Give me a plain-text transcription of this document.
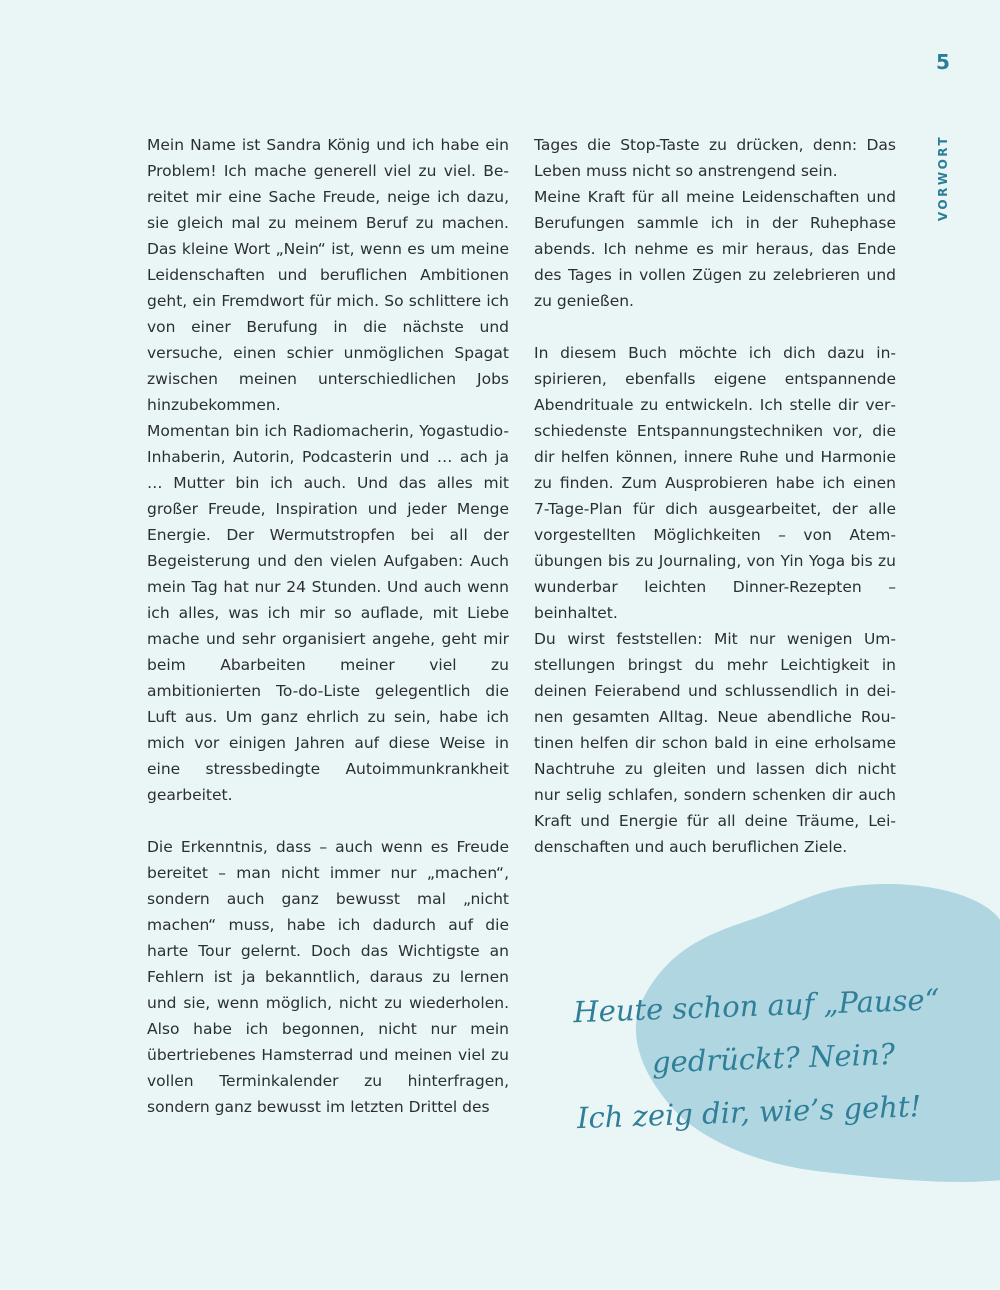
5
VORWORT

Mein Name ist Sandra König und ich habe ein Problem! Ich mache generell viel zu viel. Bereitet mir eine Sache Freude, neige ich dazu, sie gleich mal zu meinem Beruf zu machen. Das kleine Wort „Nein“ ist, wenn es um meine Leidenschaften und beruflichen Ambitionen geht, ein Fremdwort für mich. So schlittere ich von einer Berufung in die nächste und versuche, einen schier unmöglichen Spagat zwischen meinen unterschiedlichen Jobs hinzubekommen.

Momentan bin ich Radiomacherin, Yogastudio-Inhaberin, Autorin, Podcasterin und … ach ja … Mutter bin ich auch. Und das alles mit großer Freude, Inspiration und jeder Menge Energie. Der Wermutstropfen bei all der Begeisterung und den vielen Aufgaben: Auch mein Tag hat nur 24 Stunden. Und auch wenn ich alles, was ich mir so auflade, mit Liebe mache und sehr organisiert angehe, geht mir beim Abarbeiten meiner viel zu ambitionierten To-do-Liste gelegentlich die Luft aus. Um ganz ehrlich zu sein, habe ich mich vor einigen Jahren auf diese Weise in eine stressbedingte Autoimmunkrankheit gearbeitet.

Die Erkenntnis, dass – auch wenn es Freude bereitet – man nicht immer nur „machen“, sondern auch ganz bewusst mal „nicht machen“ muss, habe ich dadurch auf die harte Tour gelernt. Doch das Wichtigste an Fehlern ist ja bekanntlich, daraus zu lernen und sie, wenn möglich, nicht zu wiederholen. Also habe ich begonnen, nicht nur mein übertriebenes Hamsterrad und meinen viel zu vollen Terminkalender zu hinterfragen, sondern ganz bewusst im letzten Drittel des

Tages die Stop-Taste zu drücken, denn: Das Leben muss nicht so anstrengend sein.

Meine Kraft für all meine Leidenschaften und Berufungen sammle ich in der Ruhephase abends. Ich nehme es mir heraus, das Ende des Tages in vollen Zügen zu zelebrieren und zu genießen.

In diesem Buch möchte ich dich dazu inspirieren, ebenfalls eigene entspannende Abendrituale zu entwickeln. Ich stelle dir verschiedenste Entspannungstechniken vor, die dir helfen können, innere Ruhe und Harmonie zu finden. Zum Ausprobieren habe ich einen 7-Tage-Plan für dich ausgearbeitet, der alle vorgestellten Möglichkeiten – von Atemübungen bis zu Journaling, von Yin Yoga bis zu wunderbar leichten Dinner-Rezepten – beinhaltet.

Du wirst feststellen: Mit nur wenigen Umstellungen bringst du mehr Leichtigkeit in deinen Feierabend und schlussendlich in deinen gesamten Alltag. Neue abendliche Routinen helfen dir schon bald in eine erholsame Nachtruhe zu gleiten und lassen dich nicht nur selig schlafen, sondern schenken dir auch Kraft und Energie für all deine Träume, Leidenschaften und auch beruflichen Ziele.

Heute schon auf „Pause“
gedrückt? Nein?
Ich zeig dir, wie’s geht!
